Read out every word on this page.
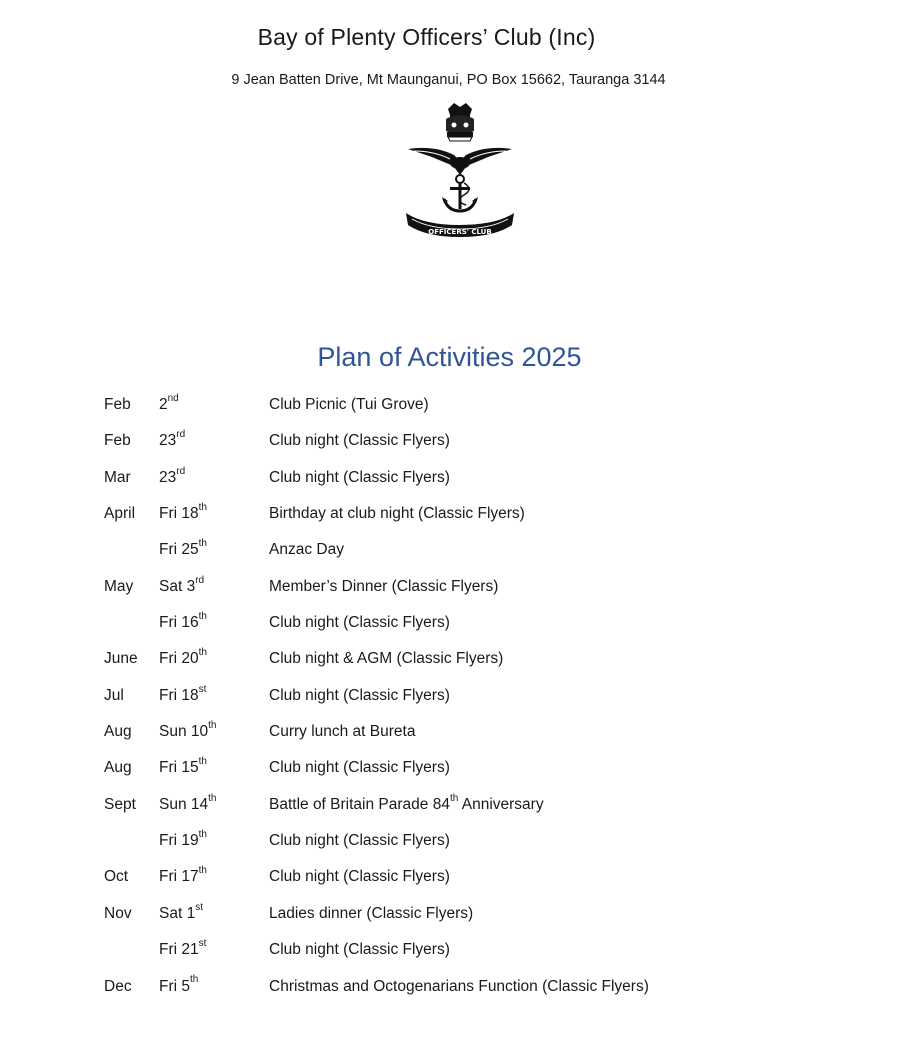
Bay of Plenty Officers’ Club (Inc)
9 Jean Batten Drive, Mt Maunganui, PO Box 15662, Tauranga 3144
BAY OF PLENTY
OFFICERS' CLUB
Plan of Activities 2025
Feb 2nd	Club Picnic (Tui Grove)
Feb 23rd	Club night (Classic Flyers)
Mar 23rd	Club night (Classic Flyers)
April Fri 18th	Birthday at club night (Classic Flyers)
Fri 25th	Anzac Day
May Sat 3rd	Member’s Dinner (Classic Flyers)
Fri 16th	Club night (Classic Flyers)
June Fri 20th	Club night & AGM (Classic Flyers)
Jul Fri 18st	Club night (Classic Flyers)
Aug Sun 10th	Curry lunch at Bureta
Aug Fri 15th	Club night (Classic Flyers)
Sept Sun 14th	Battle of Britain Parade 84th Anniversary
Fri 19th	Club night (Classic Flyers)
Oct Fri 17th	Club night (Classic Flyers)
Nov Sat 1st	Ladies dinner (Classic Flyers)
Fri 21st	Club night (Classic Flyers)
Dec Fri 5th	Christmas and Octogenarians Function (Classic Flyers)
